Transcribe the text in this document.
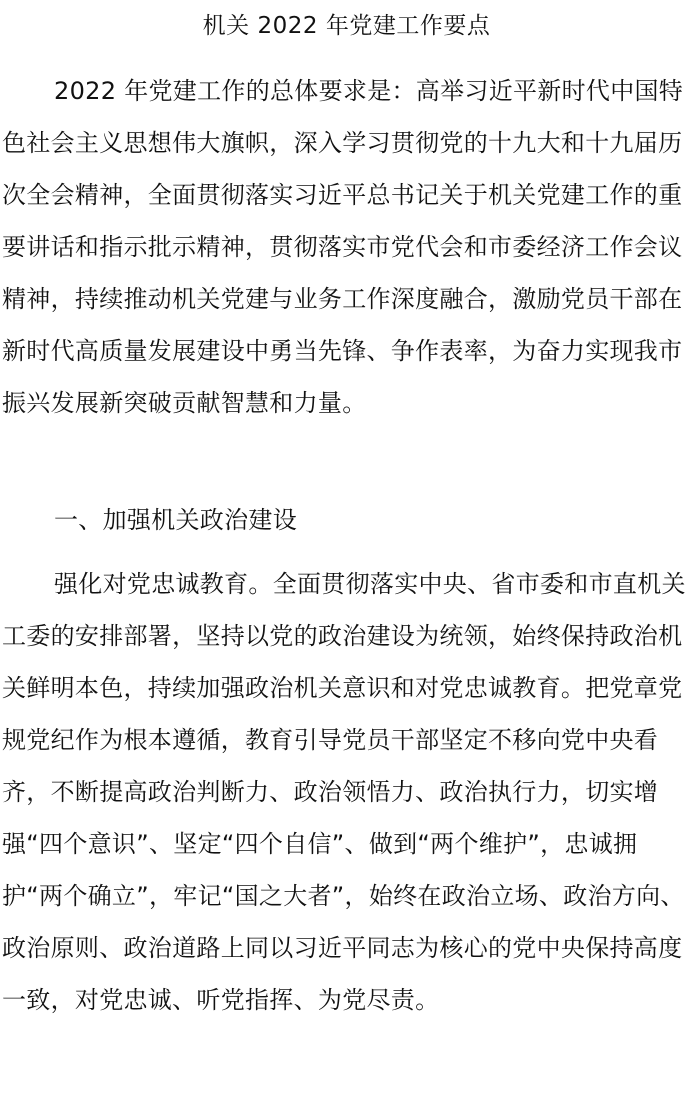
机关 2022 年党建工作要点

2022 年党建工作的总体要求是：高举习近平新时代中国特色社会主义思想伟大旗帜，深入学习贯彻党的十九大和十九届历次全会精神，全面贯彻落实习近平总书记关于机关党建工作的重要讲话和指示批示精神，贯彻落实市党代会和市委经济工作会议精神，持续推动机关党建与业务工作深度融合，激励党员干部在新时代高质量发展建设中勇当先锋、争作表率，为奋力实现我市振兴发展新突破贡献智慧和力量。

一、加强机关政治建设

强化对党忠诚教育。全面贯彻落实中央、省市委和市直机关工委的安排部署，坚持以党的政治建设为统领，始终保持政治机关鲜明本色，持续加强政治机关意识和对党忠诚教育。把党章党规党纪作为根本遵循，教育引导党员干部坚定不移向党中央看齐，不断提高政治判断力、政治领悟力、政治执行力，切实增强“四个意识”、坚定“四个自信”、做到“两个维护”，忠诚拥护“两个确立”，牢记“国之大者”，始终在政治立场、政治方向、政治原则、政治道路上同以习近平同志为核心的党中央保持高度一致，对党忠诚、听党指挥、为党尽责。
